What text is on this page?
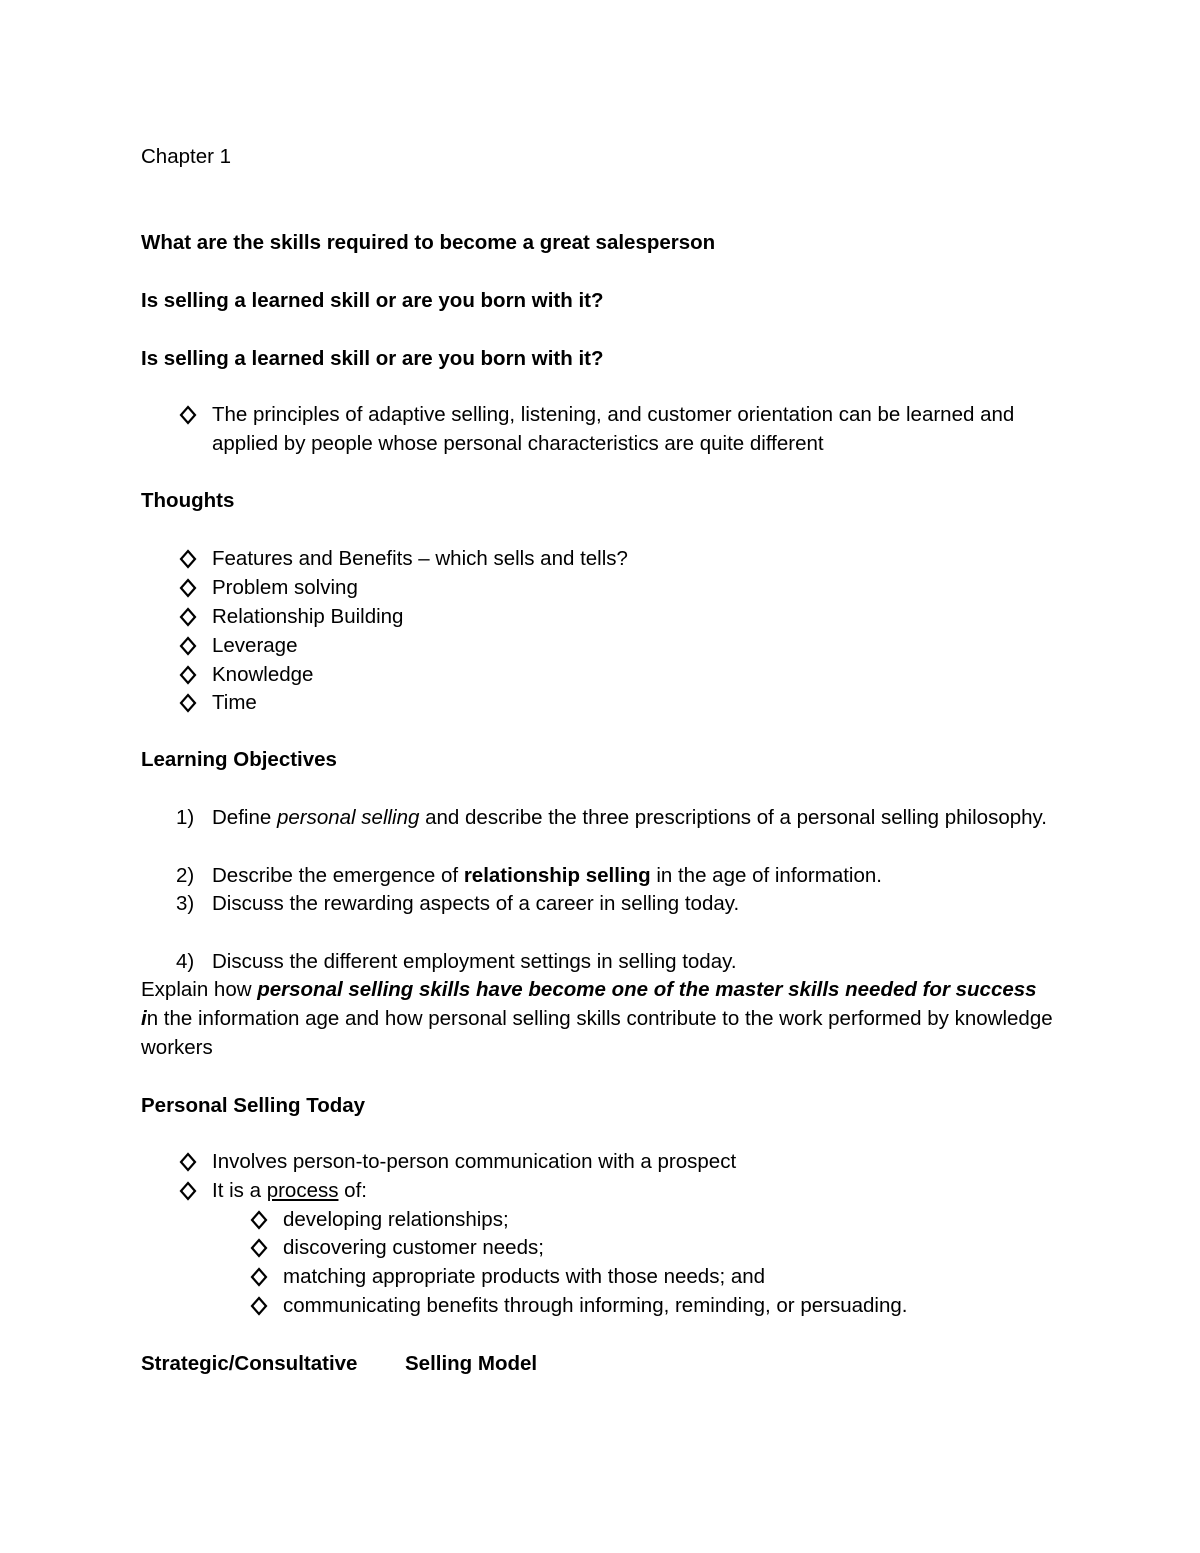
Chapter 1
What are the skills required to become a great salesperson
Is selling a learned skill or are you born with it?
Is selling a learned skill or are you born with it?
The principles of adaptive selling, listening, and customer orientation can be learned and applied by people whose personal characteristics are quite different
Thoughts
Features and Benefits – which sells and tells?
Problem solving
Relationship Building
Leverage
Knowledge
Time
Learning Objectives
1) Define personal selling and describe the three prescriptions of a personal selling philosophy.
2) Describe the emergence of relationship selling in the age of information.
3) Discuss the rewarding aspects of a career in selling today.
4) Discuss the different employment settings in selling today.
Explain how personal selling skills have become one of the master skills needed for success in the information age and how personal selling skills contribute to the work performed by knowledge workers
Personal Selling Today
Involves person-to-person communication with a prospect
It is a process of:
developing relationships;
discovering customer needs;
matching appropriate products with those needs; and
communicating benefits through informing, reminding, or persuading.
Strategic/Consultative Selling Model
